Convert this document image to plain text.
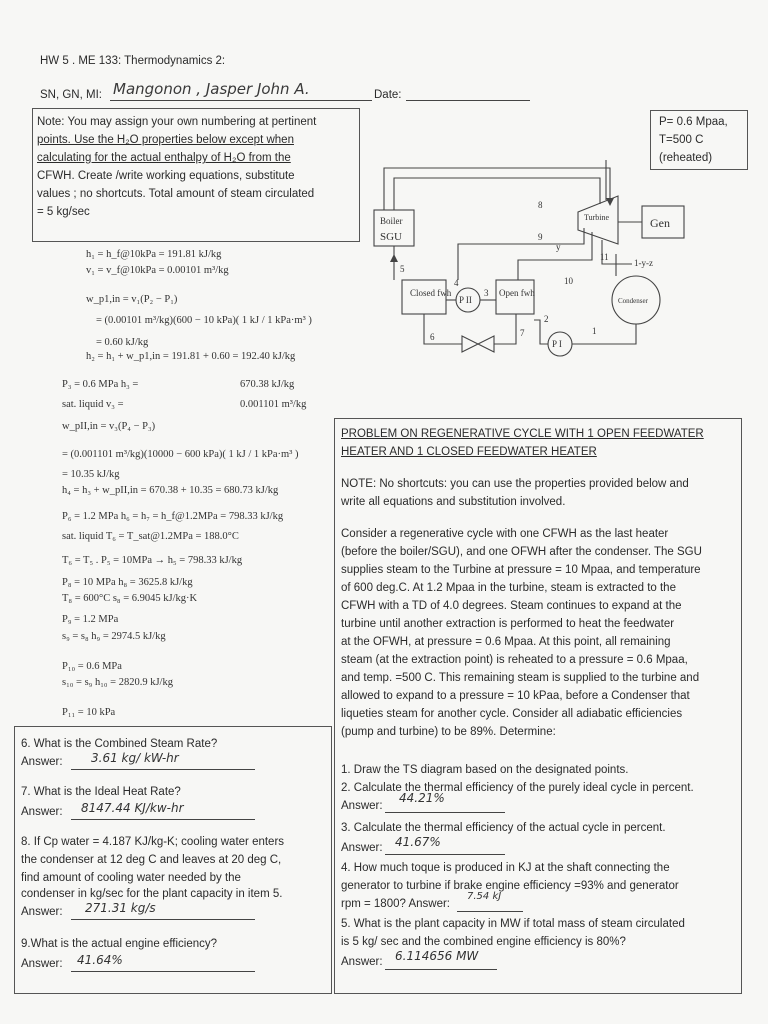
HW 5 . ME 133: Thermodynamics 2:
SN, GN, MI: Mangonon , Jasper John A.	Date:
Note: You may assign your own numbering at pertinent
points. Use the H₂O properties below except when
calculating for the actual enthalpy of H₂O from the
CFWH. Create /write working equations, substitute
values ; no shortcuts. Total amount of steam circulated
= 5 kg/sec
P= 0.6 Mpaa,
T=500 C
(reheated)
Boiler
SGU
Turbine	Gen
Closed fwh	Open fwh
P II
P I
Condenser
8
9
y
10
11
5
4
3
2
1
6	7
1-y-z
h₁ = h_f@10kPa = 191.81 kJ/kg
v₁ = v_f@10kPa = 0.00101 m³/kg
w_p1,in = v₁(P₂ − P₁)
= (0.00101 m³/kg)(600 − 10 kPa)( 1 kJ / 1 kPa·m³ )
= 0.60 kJ/kg
h₂ = h₁ + w_p1,in = 191.81 + 0.60 = 192.40 kJ/kg
P₃ = 0.6 MPa h₃ =	670.38 kJ/kg
sat. liquid v₃ =	0.001101 m³/kg
w_pII,in = v₃(P₄ − P₃)
= (0.001101 m³/kg)(10000 − 600 kPa)( 1 kJ / 1 kPa·m³ )
= 10.35 kJ/kg
h₄ = h₃ + w_pII,in = 670.38 + 10.35 = 680.73 kJ/kg
P₆ = 1.2 MPa h₆ = h₇ = h_f@1.2MPa = 798.33 kJ/kg
sat. liquid T₆ = T_sat@1.2MPa = 188.0°C
T₆ = T₅ . P₅ = 10MPa → h₅ = 798.33 kJ/kg
P₈ = 10 MPa h₈ = 3625.8 kJ/kg
T₈ = 600°C s₈ = 6.9045 kJ/kg·K
P₉ = 1.2 MPa
s₉ = s₈ h₉ = 2974.5 kJ/kg
P₁₀ = 0.6 MPa
s₁₀ = s₉ h₁₀ = 2820.9 kJ/kg
P₁₁ = 10 kPa
6. What is the Combined Steam Rate?
Answer: 3.61 kg/ kW-hr
7. What is the Ideal Heat Rate?
Answer: 8147.44 KJ/kw-hr
8. If Cp water = 4.187 KJ/kg-K; cooling water enters
the condenser at 12 deg C and leaves at 20 deg C,
find amount of cooling water needed by the
condenser in kg/sec for the plant capacity in item 5.
Answer: 271.31 kg/s
9.What is the actual engine efficiency?
Answer: 41.64%
PROBLEM ON REGENERATIVE CYCLE WITH 1 OPEN FEEDWATER
HEATER AND 1 CLOSED FEEDWATER HEATER
NOTE: No shortcuts: you can use the properties provided below and
write all equations and substitution involved.
Consider a regenerative cycle with one CFWH as the last heater
(before the boiler/SGU), and one OFWH after the condenser. The SGU
supplies steam to the Turbine at pressure = 10 Mpaa, and temperature
of 600 deg.C. At 1.2 Mpaa in the turbine, steam is extracted to the
CFWH with a TD of 4.0 degrees. Steam continues to expand at the
turbine until another extraction is performed to heat the feedwater
at the OFWH, at pressure = 0.6 Mpaa. At this point, all remaining
steam (at the extraction point) is reheated to a pressure = 0.6 Mpaa,
and temp. =500 C. This remaining steam is supplied to the turbine and
allowed to expand to a pressure = 10 kPaa, before a Condenser that
liqueties steam for another cycle. Consider all adiabatic efficiencies
(pump and turbine) to be 89%. Determine:
1. Draw the TS diagram based on the designated points.
2. Calculate the thermal efficiency of the purely ideal cycle in percent.
Answer:
44.21%
3. Calculate the thermal efficiency of the actual cycle in percent.
Answer: 41.67%
4. How much toque is produced in KJ at the shaft connecting the
generator to turbine if brake engine efficiency =93% and generator
rpm = 1800? Answer:
7.54 kJ
5. What is the plant capacity in MW if total mass of steam circulated
is 5 kg/ sec and the combined engine efficiency is 80%?
Answer: 6.114656 MW
